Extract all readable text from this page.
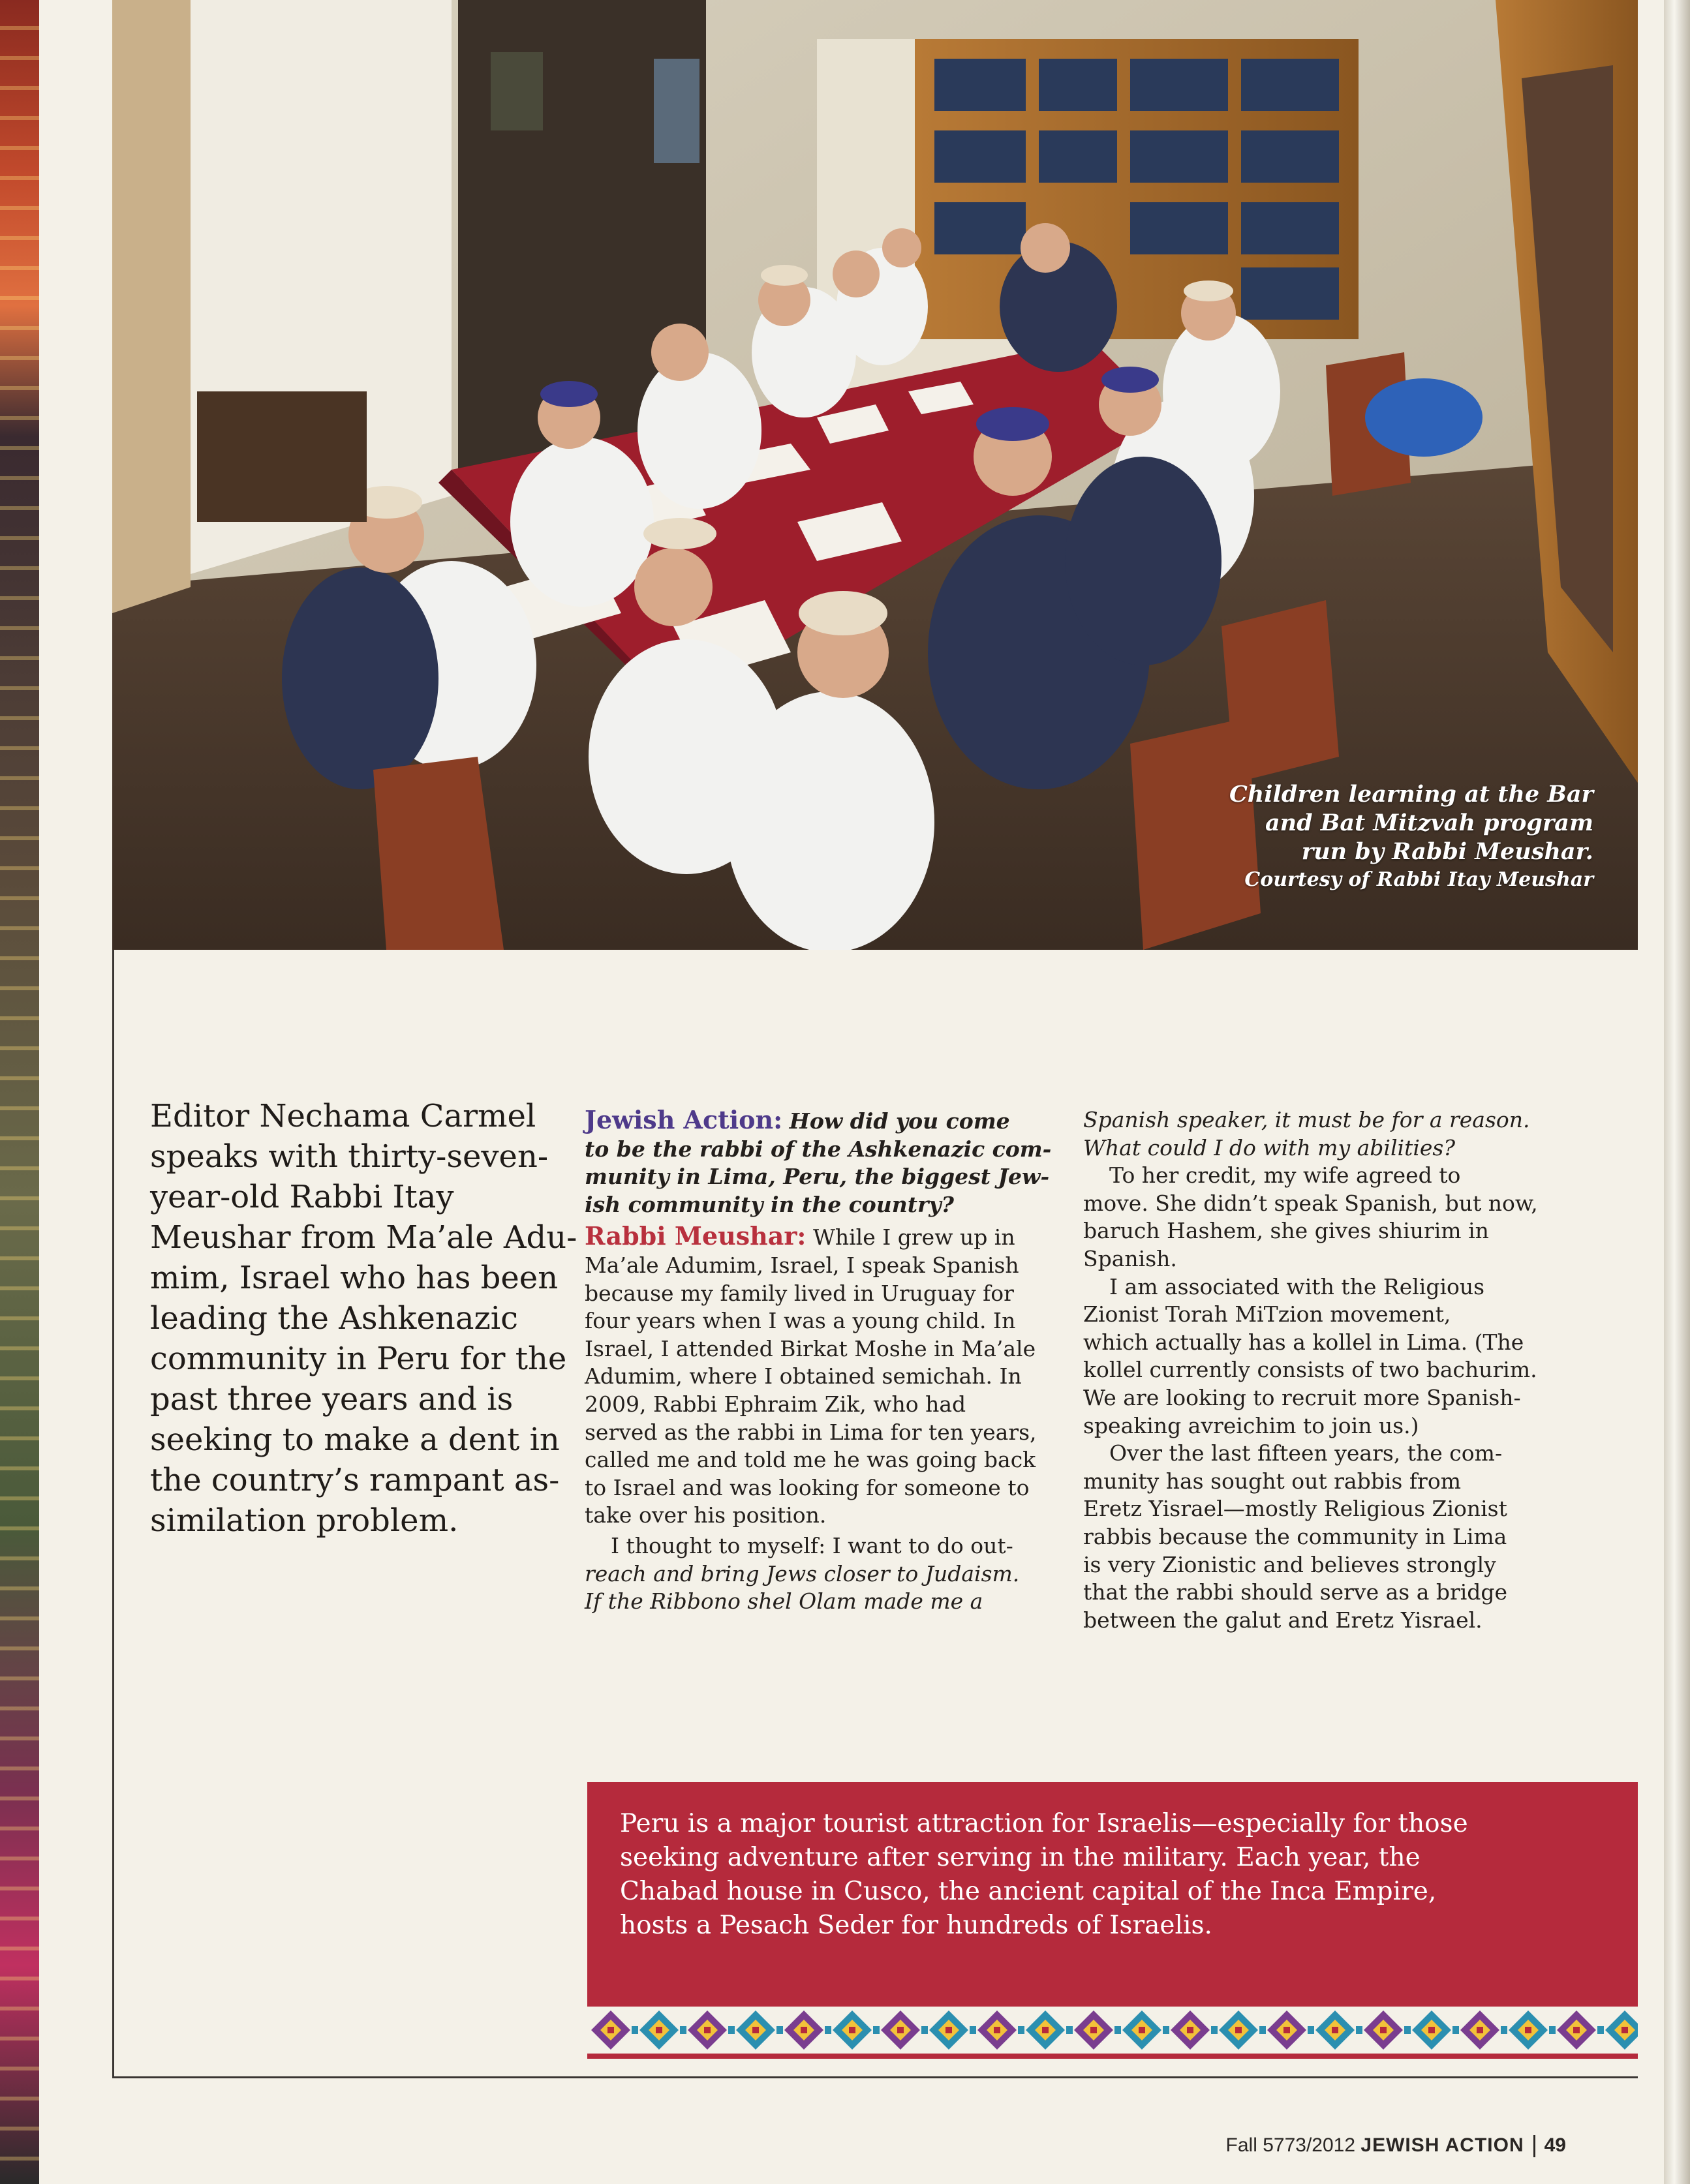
Children learning at the Bar
and Bat Mitzvah program
run by Rabbi Meushar.
Courtesy of Rabbi Itay Meushar
Editor Nechama Carmel
speaks with thirty-seven-
year-old Rabbi Itay
Meushar from Ma’ale Adu-
mim, Israel who has been
leading the Ashkenazic
community in Peru for the
past three years and is
seeking to make a dent in
the country’s rampant as-
similation problem.
Jewish Action: How did you come
to be the rabbi of the Ashkenazic com-
munity in Lima, Peru, the biggest Jew-
ish community in the country?
Rabbi Meushar: While I grew up in
Ma’ale Adumim, Israel, I speak Spanish
because my family lived in Uruguay for
four years when I was a young child. In
Israel, I attended Birkat Moshe in Ma’ale
Adumim, where I obtained semichah. In
2009, Rabbi Ephraim Zik, who had
served as the rabbi in Lima for ten years,
called me and told me he was going back
to Israel and was looking for someone to
take over his position.
I thought to myself: I want to do out-
reach and bring Jews closer to Judaism.
If the Ribbono shel Olam made me a
Spanish speaker, it must be for a reason.
What could I do with my abilities?
To her credit, my wife agreed to
move. She didn’t speak Spanish, but now,
baruch Hashem, she gives shiurim in
Spanish.
I am associated with the Religious
Zionist Torah MiTzion movement,
which actually has a kollel in Lima. (The
kollel currently consists of two bachurim.
We are looking to recruit more Spanish-
speaking avreichim to join us.)
Over the last fifteen years, the com-
munity has sought out rabbis from
Eretz Yisrael—mostly Religious Zionist
rabbis because the community in Lima
is very Zionistic and believes strongly
that the rabbi should serve as a bridge
between the galut and Eretz Yisrael.
Peru is a major tourist attraction for Israelis—especially for those
seeking adventure after serving in the military. Each year, the
Chabad house in Cusco, the ancient capital of the Inca Empire,
hosts a Pesach Seder for hundreds of Israelis.
Fall 5773/2012 JEWISH ACTION 49
